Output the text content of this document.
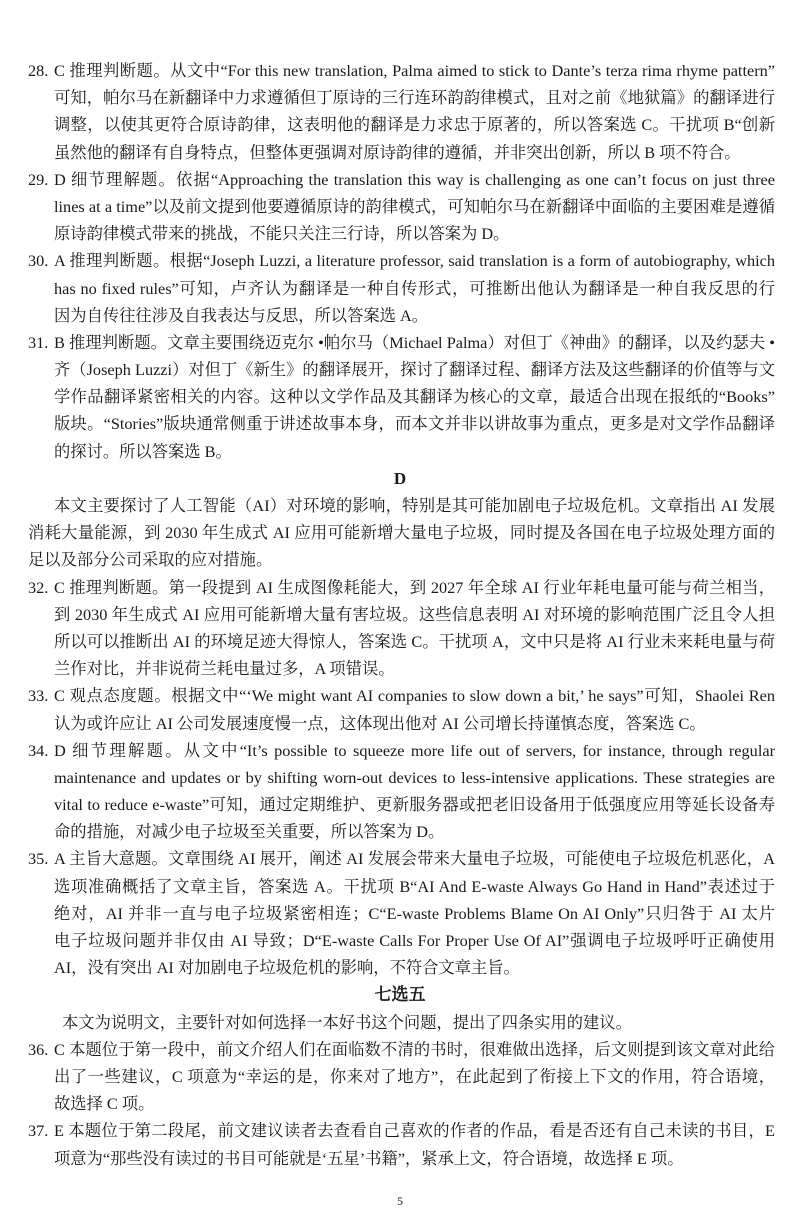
28. C 推理判断题。从文中“For this new translation, Palma aimed to stick to Dante’s terza rima rhyme pattern”
可知，帕尔马在新翻译中力求遵循但丁原诗的三行连环韵韵律模式，且对之前《地狱篇》的翻译进行
调整，以使其更符合原诗韵律，这表明他的翻译是力求忠于原著的，所以答案选 C。干扰项 B“创新
虽然他的翻译有自身特点，但整体更强调对原诗韵律的遵循，并非突出创新，所以 B 项不符合。
29. D 细节理解题。依据“Approaching the translation this way is challenging as one can’t focus on just three
lines at a time”以及前文提到他要遵循原诗的韵律模式，可知帕尔马在新翻译中面临的主要困难是遵循
原诗韵律模式带来的挑战，不能只关注三行诗，所以答案为 D。
30. A 推理判断题。根据“Joseph Luzzi, a literature professor, said translation is a form of autobiography, which
has no fixed rules”可知，卢齐认为翻译是一种自传形式，可推断出他认为翻译是一种自我反思的行
因为自传往往涉及自我表达与反思，所以答案选 A。
31. B 推理判断题。文章主要围绕迈克尔 •帕尔马（Michael Palma）对但丁《神曲》的翻译，以及约瑟夫 •
齐（Joseph Luzzi）对但丁《新生》的翻译展开，探讨了翻译过程、翻译方法及这些翻译的价值等与文
学作品翻译紧密相关的内容。这种以文学作品及其翻译为核心的文章，最适合出现在报纸的“Books”
版块。“Stories”版块通常侧重于讲述故事本身，而本文并非以讲故事为重点，更多是对文学作品翻译
的探讨。所以答案选 B。
D
本文主要探讨了人工智能（AI）对环境的影响，特别是其可能加剧电子垃圾危机。文章指出 AI 发展
消耗大量能源，到 2030 年生成式 AI 应用可能新增大量电子垃圾，同时提及各国在电子垃圾处理方面的
足以及部分公司采取的应对措施。
32. C 推理判断题。第一段提到 AI 生成图像耗能大，到 2027 年全球 AI 行业年耗电量可能与荷兰相当，
到 2030 年生成式 AI 应用可能新增大量有害垃圾。这些信息表明 AI 对环境的影响范围广泛且令人担
所以可以推断出 AI 的环境足迹大得惊人，答案选 C。干扰项 A，文中只是将 AI 行业未来耗电量与荷
兰作对比，并非说荷兰耗电量过多，A 项错误。
33. C 观点态度题。根据文中“‘We might want AI companies to slow down a bit,’ he says”可知，Shaolei Ren
认为或许应让 AI 公司发展速度慢一点，这体现出他对 AI 公司增长持谨慎态度，答案选 C。
34. D 细节理解题。从文中“It’s possible to squeeze more life out of servers, for instance, through regular
maintenance and updates or by shifting worn-out devices to less-intensive applications. These strategies are
vital to reduce e-waste”可知，通过定期维护、更新服务器或把老旧设备用于低强度应用等延长设备寿
命的措施，对减少电子垃圾至关重要，所以答案为 D。
35. A 主旨大意题。文章围绕 AI 展开，阐述 AI 发展会带来大量电子垃圾，可能使电子垃圾危机恶化，A
选项准确概括了文章主旨，答案选 A。干扰项 B“AI And E-waste Always Go Hand in Hand”表述过于
绝对，AI 并非一直与电子垃圾紧密相连；C“E-waste Problems Blame On AI Only”只归咎于 AI 太片
电子垃圾问题并非仅由 AI 导致；D“E-waste Calls For Proper Use Of AI”强调电子垃圾呼吁正确使用
AI，没有突出 AI 对加剧电子垃圾危机的影响，不符合文章主旨。
七选五
本文为说明文，主要针对如何选择一本好书这个问题，提出了四条实用的建议。
36. C 本题位于第一段中，前文介绍人们在面临数不清的书时，很难做出选择，后文则提到该文章对此给
出了一些建议，C 项意为“幸运的是，你来对了地方”，在此起到了衔接上下文的作用，符合语境，
故选择 C 项。
37. E 本题位于第二段尾，前文建议读者去查看自己喜欢的作者的作品，看是否还有自己未读的书目，E
项意为“那些没有读过的书目可能就是‘五星’书籍”，紧承上文，符合语境，故选择 E 项。
5
